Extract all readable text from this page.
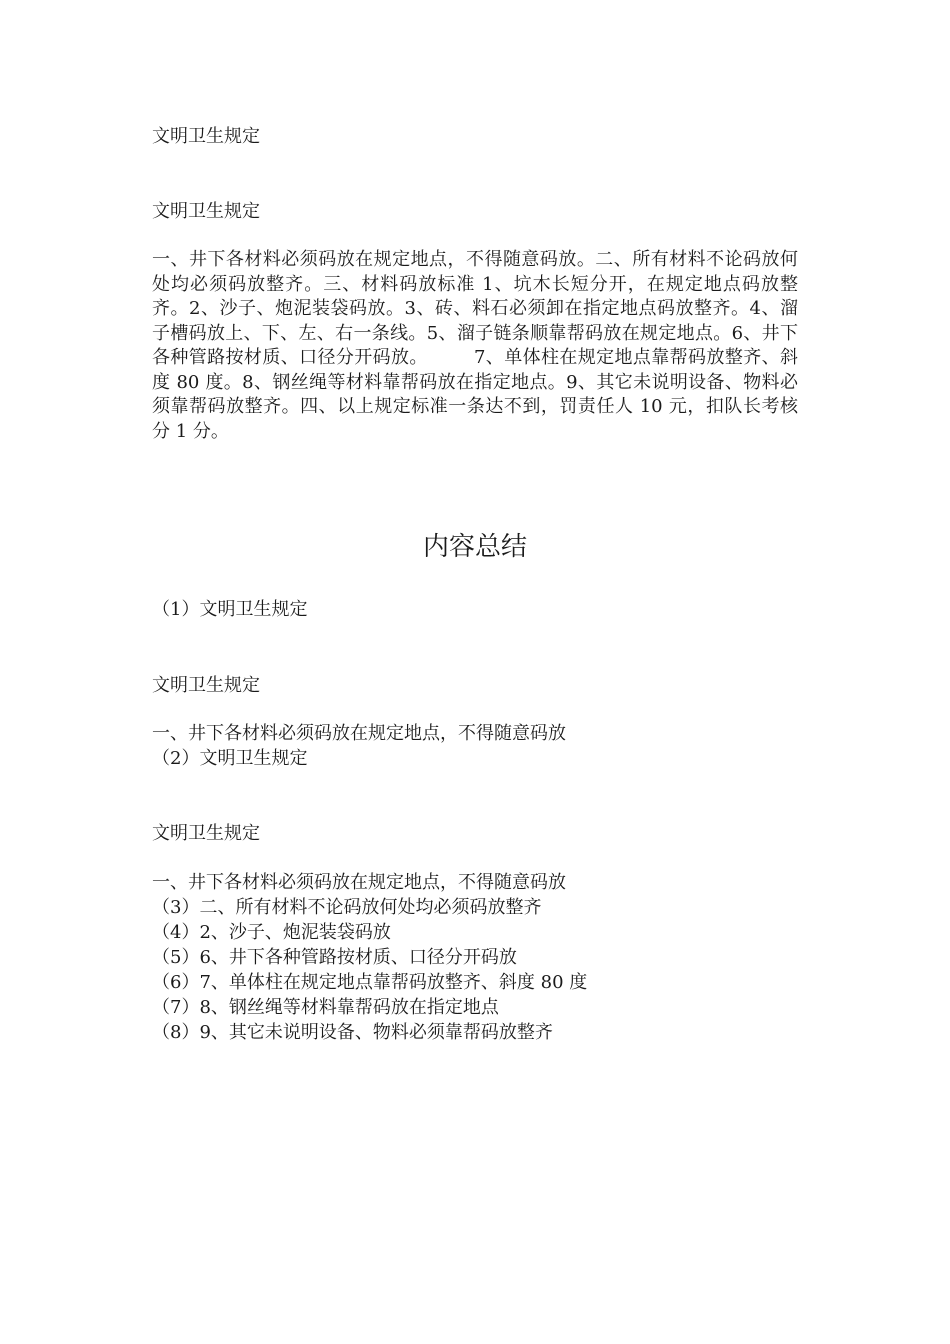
文明卫生规定
文明卫生规定
一、井下各材料必须码放在规定地点，不得随意码放。二、所有材料不论码放何处均必须码放整齐。三、材料码放标准 1、坑木长短分开，在规定地点码放整齐。2、沙子、炮泥装袋码放。3、砖、料石必须卸在指定地点码放整齐。4、溜子槽码放上、下、左、右一条线。5、溜子链条顺靠帮码放在规定地点。6、井下各种管路按材质、口径分开码放。　　　7、单体柱在规定地点靠帮码放整齐、斜度 80 度。8、钢丝绳等材料靠帮码放在指定地点。9、其它未说明设备、物料必须靠帮码放整齐。四、以上规定标准一条达不到，罚责任人 10 元，扣队长考核分 1 分。
内容总结
（1）文明卫生规定
文明卫生规定
一、井下各材料必须码放在规定地点，不得随意码放
（2）文明卫生规定
文明卫生规定
一、井下各材料必须码放在规定地点，不得随意码放
（3）二、所有材料不论码放何处均必须码放整齐
（4）2、沙子、炮泥装袋码放
（5）6、井下各种管路按材质、口径分开码放
（6）7、单体柱在规定地点靠帮码放整齐、斜度 80 度
（7）8、钢丝绳等材料靠帮码放在指定地点
（8）9、其它未说明设备、物料必须靠帮码放整齐
